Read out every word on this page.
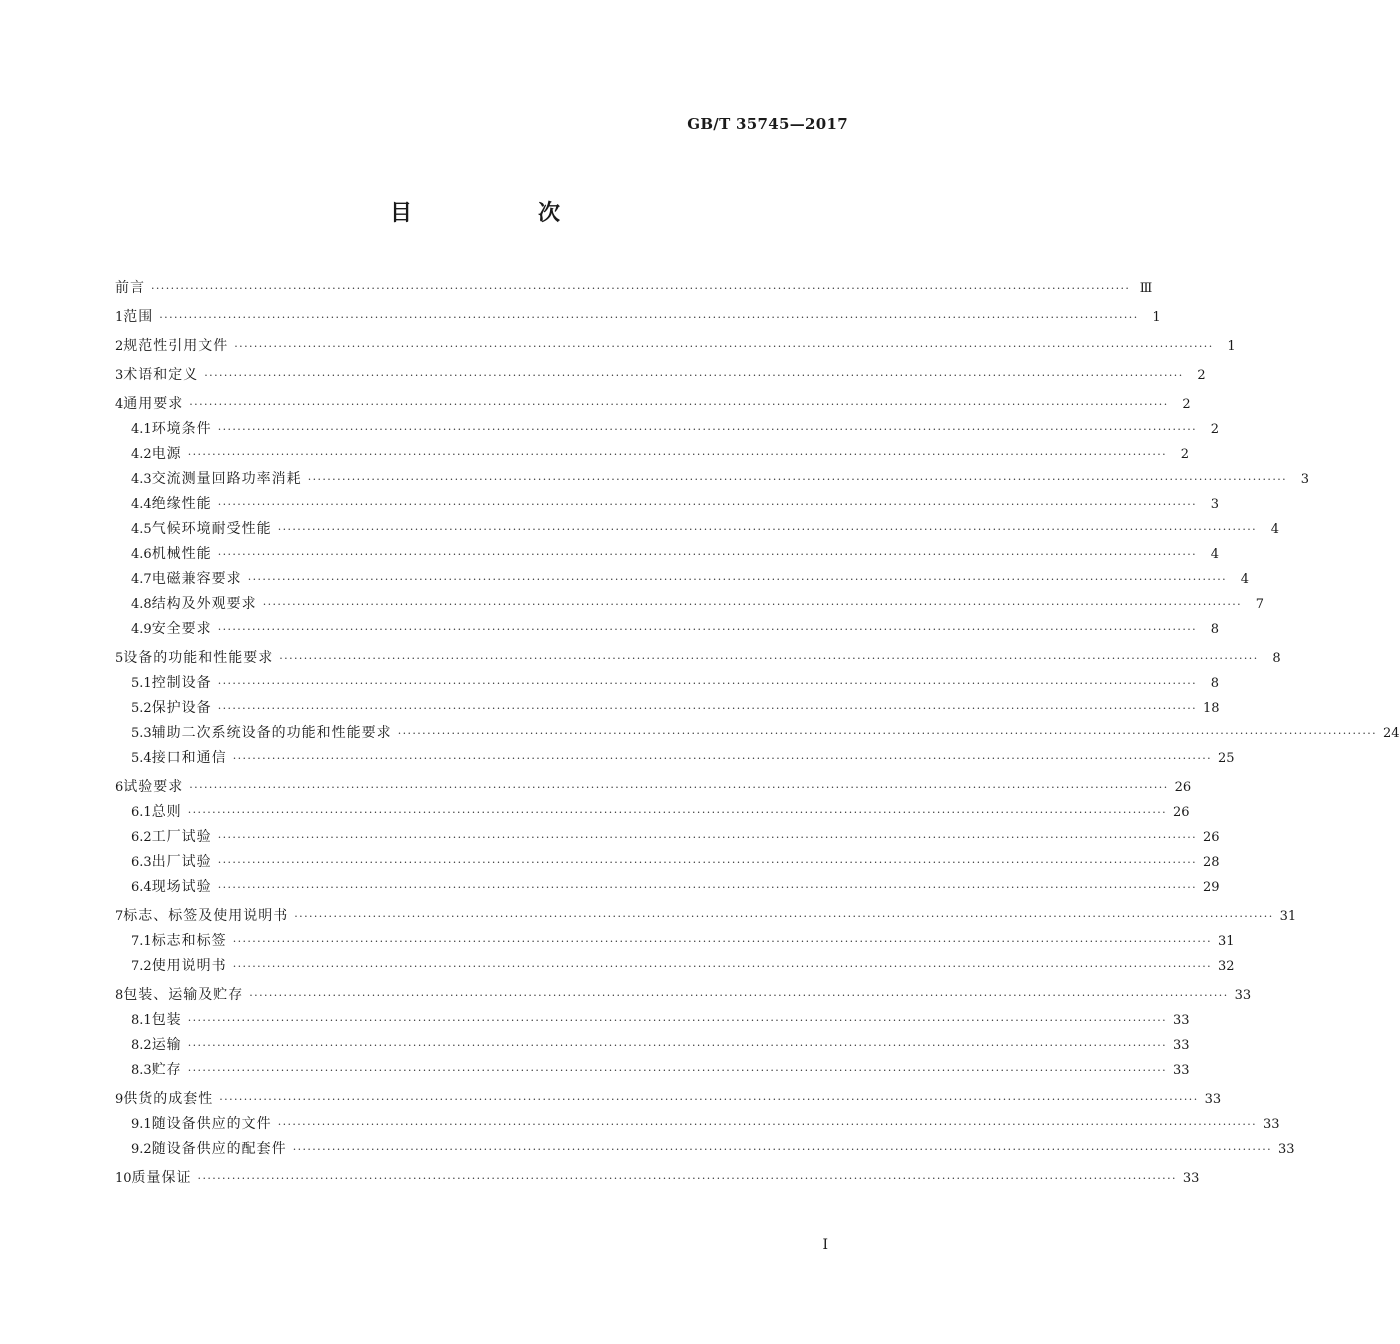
GB/T 35745—2017
目　次
前言 ········································································································································································································ Ⅲ
1 范围 ········································································································································································································	1
2 规范性引用文件 ········································································································································································································	1
3 术语和定义 ········································································································································································································	2
4 通用要求 ········································································································································································································	2
4.1 环境条件 ········································································································································································································	2
4.2 电源 ········································································································································································································	2
4.3 交流测量回路功率消耗 ········································································································································································································	3
4.4 绝缘性能 ········································································································································································································	3
4.5 气候环境耐受性能 ········································································································································································································	4
4.6 机械性能 ········································································································································································································	4
4.7 电磁兼容要求 ········································································································································································································	4
4.8 结构及外观要求 ········································································································································································································	7
4.9 安全要求 ········································································································································································································	8
5 设备的功能和性能要求 ········································································································································································································	8
5.1 控制设备 ········································································································································································································	8
5.2 保护设备 ········································································································································································································ 18
5.3 辅助二次系统设备的功能和性能要求 ········································································································································································································ 24
5.4 接口和通信 ········································································································································································································ 25
6 试验要求 ········································································································································································································ 26
6.1 总则 ········································································································································································································ 26
6.2 工厂试验 ········································································································································································································ 26
6.3 出厂试验 ········································································································································································································ 28
6.4 现场试验 ········································································································································································································ 29
7 标志、标签及使用说明书 ········································································································································································································ 31
7.1 标志和标签 ········································································································································································································ 31
7.2 使用说明书 ········································································································································································································ 32
8 包装、运输及贮存 ········································································································································································································ 33
8.1 包装 ········································································································································································································ 33
8.2 运输 ········································································································································································································ 33
8.3 贮存 ········································································································································································································ 33
9 供货的成套性 ········································································································································································································ 33
9.1 随设备供应的文件 ········································································································································································································ 33
9.2 随设备供应的配套件 ········································································································································································································ 33
10 质量保证 ········································································································································································································ 33
I
